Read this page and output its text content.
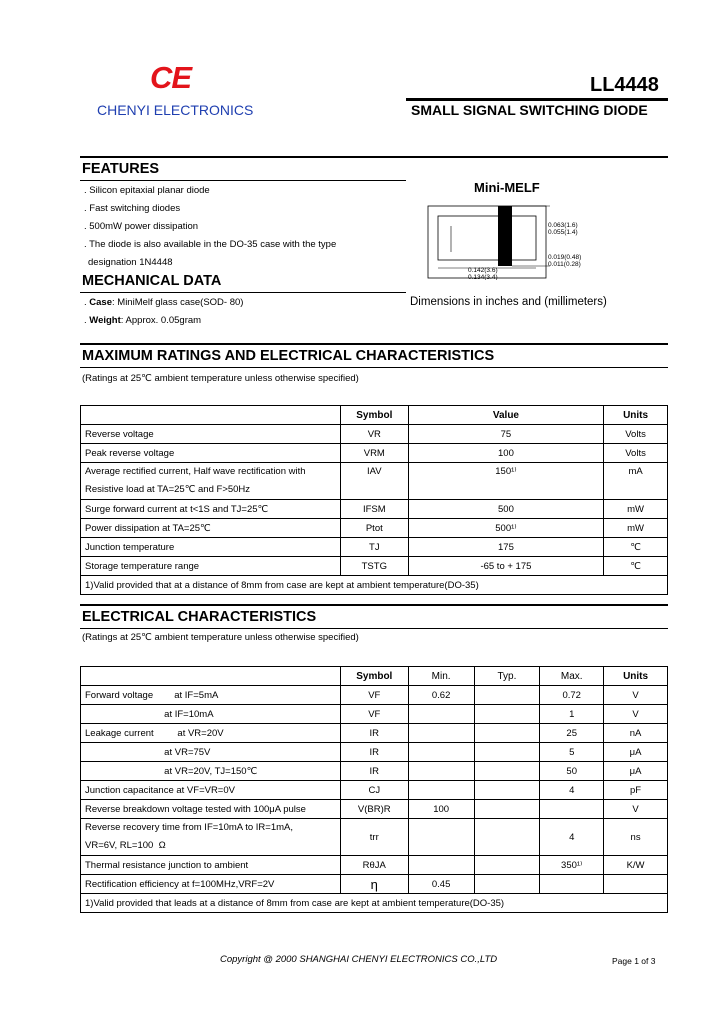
CE
CHENYI ELECTRONICS
LL4448
SMALL SIGNAL SWITCHING DIODE
FEATURES
. Silicon epitaxial planar diode
. Fast switching diodes
. 500mW power dissipation
. The diode is also available in the DO-35 case with the type
designation 1N4448
MECHANICAL DATA
. Case: MiniMelf glass case(SOD- 80)
. Weight: Approx. 0.05gram
Mini-MELF
0.063(1.6)
0.055(1.4)
0.019(0.48)
0.011(0.28)
0.142(3.6)
0.134(3.4)
Dimensions in inches and (millimeters)
MAXIMUM RATINGS AND ELECTRICAL CHARACTERISTICS
(Ratings at 25℃ ambient temperature unless otherwise specified)
	Symbol	Value	Units
Reverse voltage	VR	75	Volts
Peak reverse voltage	VRM	100	Volts
Average rectified current, Half wave rectification with
Resistive load at TA=25℃ and F>50Hz	IAV	150¹⁾	mA
Surge forward current at t<1S and TJ=25℃	IFSM	500	mW
Power dissipation at TA=25℃	Ptot	500¹⁾	mW
Junction temperature	TJ	175	℃
Storage temperature range	TSTG	-65 to + 175	℃
1)Valid provided that at a distance of 8mm from case are kept at ambient temperature(DO-35)			
ELECTRICAL CHARACTERISTICS
(Ratings at 25℃ ambient temperature unless otherwise specified)
	Symbol	Min.	Typ.	Max.	Units
Forward voltage        at IF=5mA	VF	0.62		0.72	V
at IF=10mA	VF			1	V
Leakage current         at VR=20V	IR			25	nA
at VR=75V	IR			5	μA
at VR=20V, TJ=150℃	IR			50	μA
Junction capacitance at VF=VR=0V	CJ			4	pF
Reverse breakdown voltage tested with 100μA pulse	V(BR)R	100			V
Reverse recovery time from IF=10mA to IR=1mA,
VR=6V, RL=100  Ω	trr			4	ns
Thermal resistance junction to ambient	RθJA			350¹⁾	K/W
Rectification efficiency at f=100MHz,VRF=2V	η	0.45			
1)Valid provided that leads at a distance of 8mm from case are kept at ambient temperature(DO-35)					
Copyright @ 2000 SHANGHAI CHENYI ELECTRONICS CO.,LTD	Page 1 of 3
